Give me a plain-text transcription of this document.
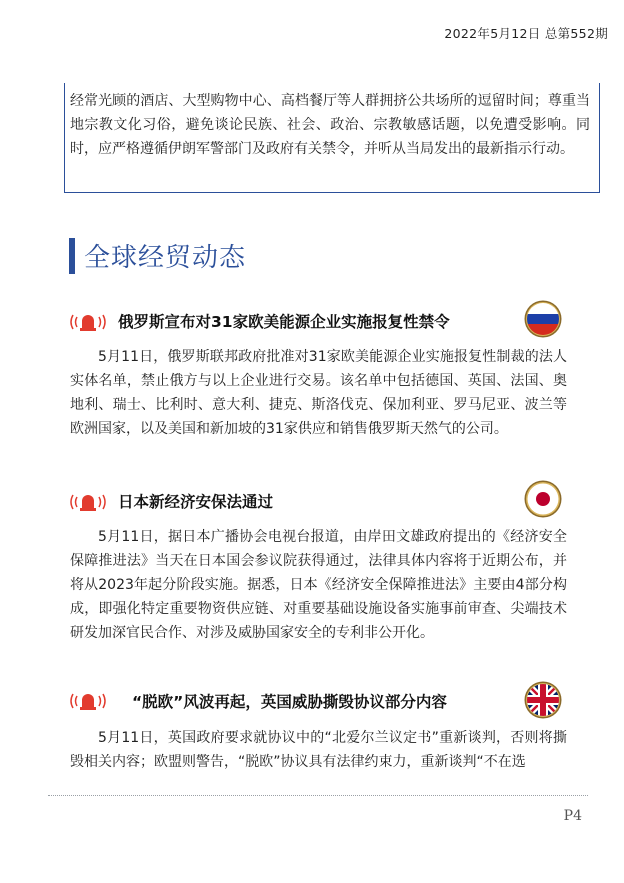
2022年5月12日 总第552期
经常光顾的酒店、大型购物中心、高档餐厅等人群拥挤公共场所的逗留时间；尊重当地宗教文化习俗，避免谈论民族、社会、政治、宗教敏感话题，以免遭受影响。同时，应严格遵循伊朗军警部门及政府有关禁令，并听从当局发出的最新指示行动。
全球经贸动态
俄罗斯宣布对31家欧美能源企业实施报复性禁令
5月11日，俄罗斯联邦政府批准对31家欧美能源企业实施报复性制裁的法人实体名单，禁止俄方与以上企业进行交易。该名单中包括德国、英国、法国、奥地利、瑞士、比利时、意大利、捷克、斯洛伐克、保加利亚、罗马尼亚、波兰等欧洲国家，以及美国和新加坡的31家供应和销售俄罗斯天然气的公司。
日本新经济安保法通过
5月11日，据日本广播协会电视台报道，由岸田文雄政府提出的《经济安全保障推进法》当天在日本国会参议院获得通过，法律具体内容将于近期公布，并将从2023年起分阶段实施。据悉，日本《经济安全保障推进法》主要由4部分构成，即强化特定重要物资供应链、对重要基础设施设备实施事前审查、尖端技术研发加深官民合作、对涉及威胁国家安全的专利非公开化。
“脱欧”风波再起，英国威胁撕毁协议部分内容
5月11日，英国政府要求就协议中的“北爱尔兰议定书”重新谈判，否则将撕毁相关内容；欧盟则警告，“脱欧”协议具有法律约束力，重新谈判“不在选
P4
